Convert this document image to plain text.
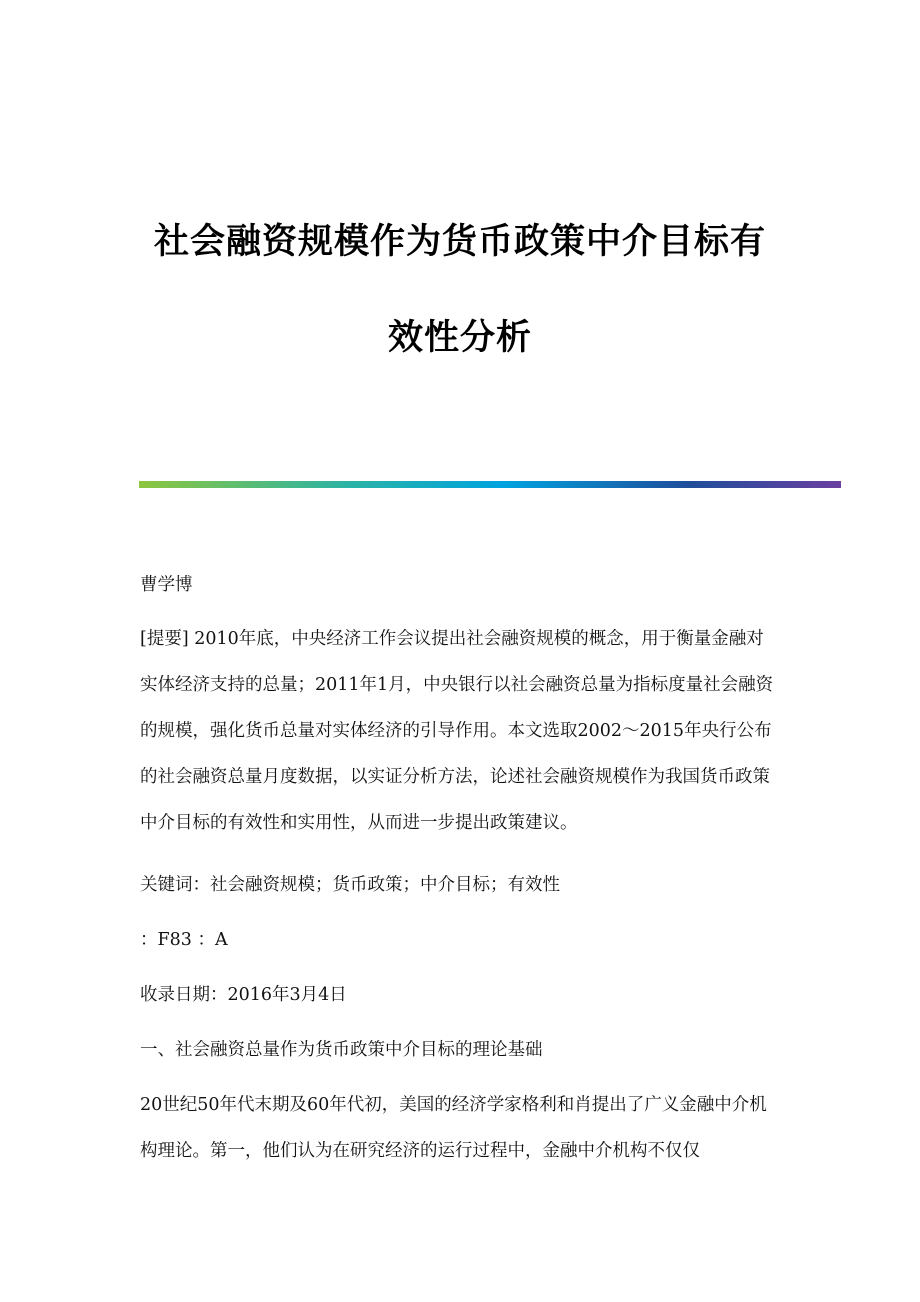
社会融资规模作为货币政策中介目标有
效性分析
曹学博
[提要] 2010年底，中央经济工作会议提出社会融资规模的概念，用于衡量金融对实体经济支持的总量；2011年1月，中央银行以社会融资总量为指标度量社会融资的规模，强化货币总量对实体经济的引导作用。本文选取2002～2015年央行公布的社会融资总量月度数据，以实证分析方法，论述社会融资规模作为我国货币政策中介目标的有效性和实用性，从而进一步提出政策建议。
关键词：社会融资规模；货币政策；中介目标；有效性
：F83 ：A
收录日期：2016年3月4日
一、社会融资总量作为货币政策中介目标的理论基础
20世纪50年代末期及60年代初，美国的经济学家格利和肖提出了广义金融中介机构理论。第一，他们认为在研究经济的运行过程中，金融中介机构不仅仅
